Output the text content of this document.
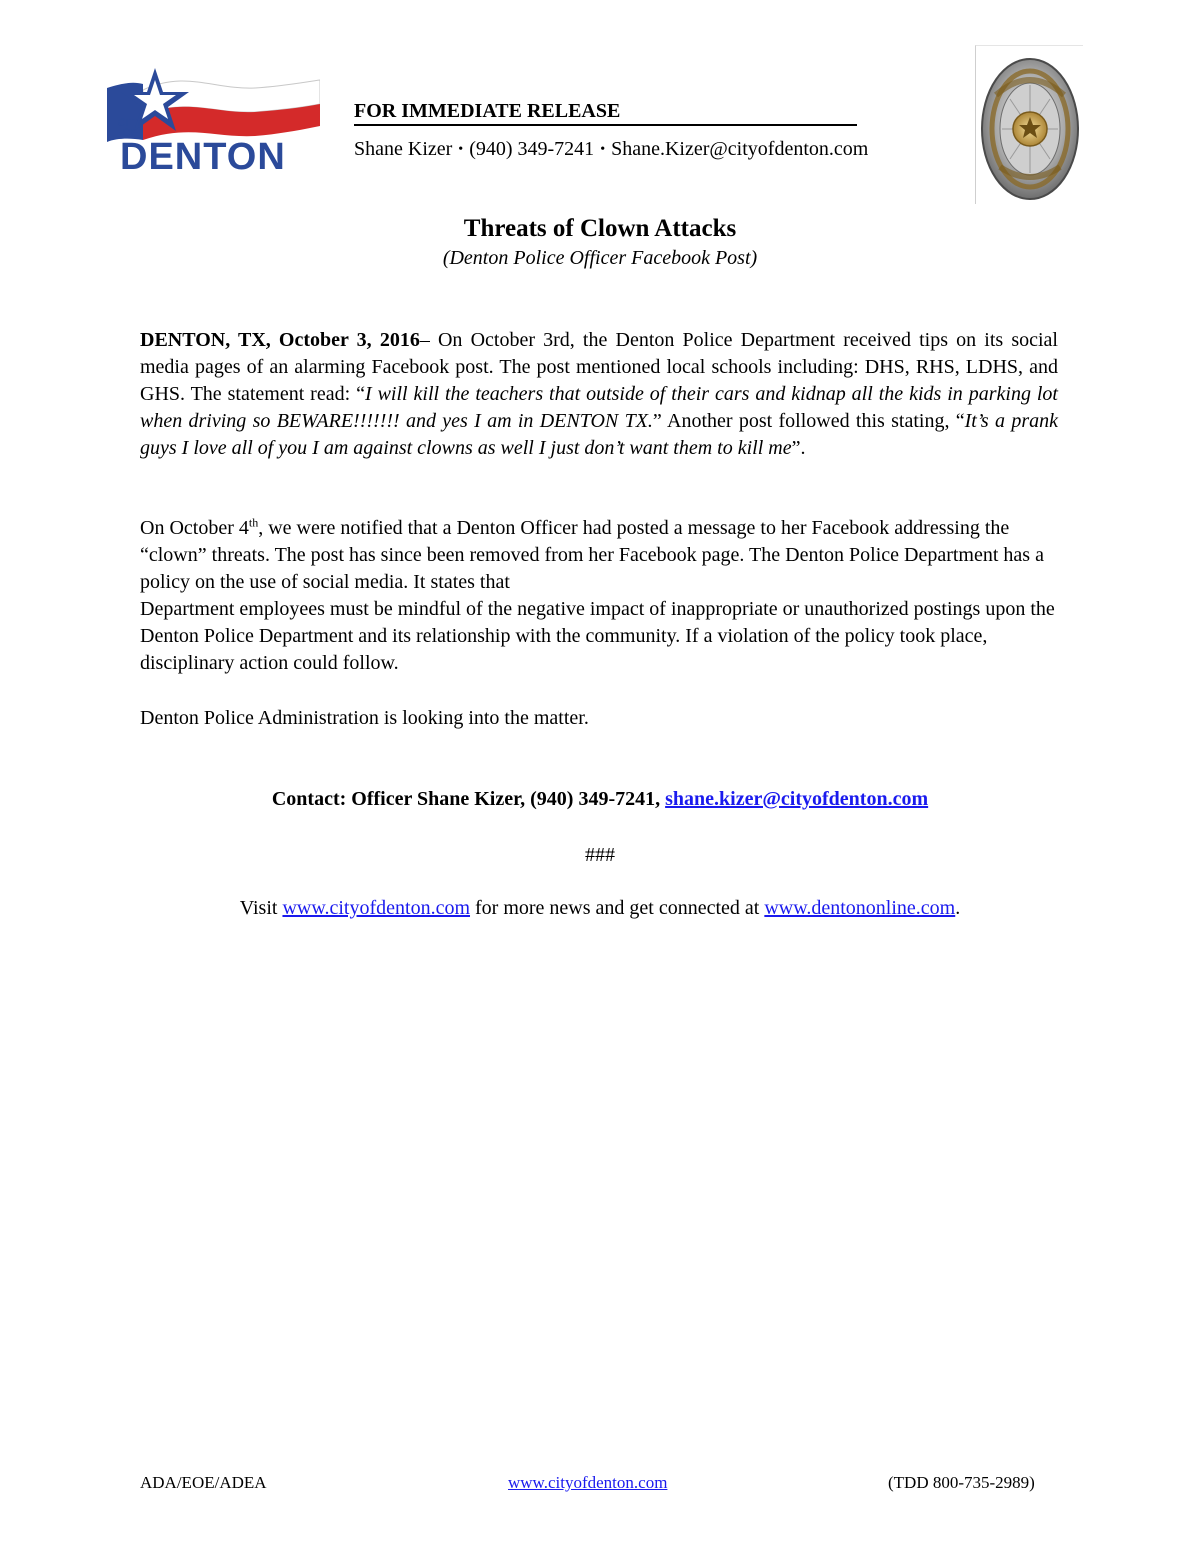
CITY
OF
DENTON
FOR IMMEDIATE RELEASE
Shane Kizer • (940) 349-7241 • Shane.Kizer@cityofdenton.com
Threats of Clown Attacks
(Denton Police Officer Facebook Post)
DENTON, TX, October 3, 2016– On October 3rd, the Denton Police Department received tips on its social media pages of an alarming Facebook post. The post mentioned local schools including: DHS, RHS, LDHS, and GHS. The statement read: “I will kill the teachers that outside of their cars and kidnap all the kids in parking lot when driving so BEWARE!!!!!!! and yes I am in DENTON TX.” Another post followed this stating, “It’s a prank guys I love all of you I am against clowns as well I just don’t want them to kill me”.
On October 4th, we were notified that a Denton Officer had posted a message to her Facebook addressing the “clown” threats. The post has since been removed from her Facebook page. The Denton Police Department has a policy on the use of social media. It states that
Department employees must be mindful of the negative impact of inappropriate or unauthorized postings upon the Denton Police Department and its relationship with the community. If a violation of the policy took place, disciplinary action could follow.
Denton Police Administration is looking into the matter.
Contact: Officer Shane Kizer, (940) 349-7241, shane.kizer@cityofdenton.com
###
Visit www.cityofdenton.com for more news and get connected at www.dentononline.com.
ADA/EOE/ADEA	www.cityofdenton.com	(TDD 800-735-2989)
